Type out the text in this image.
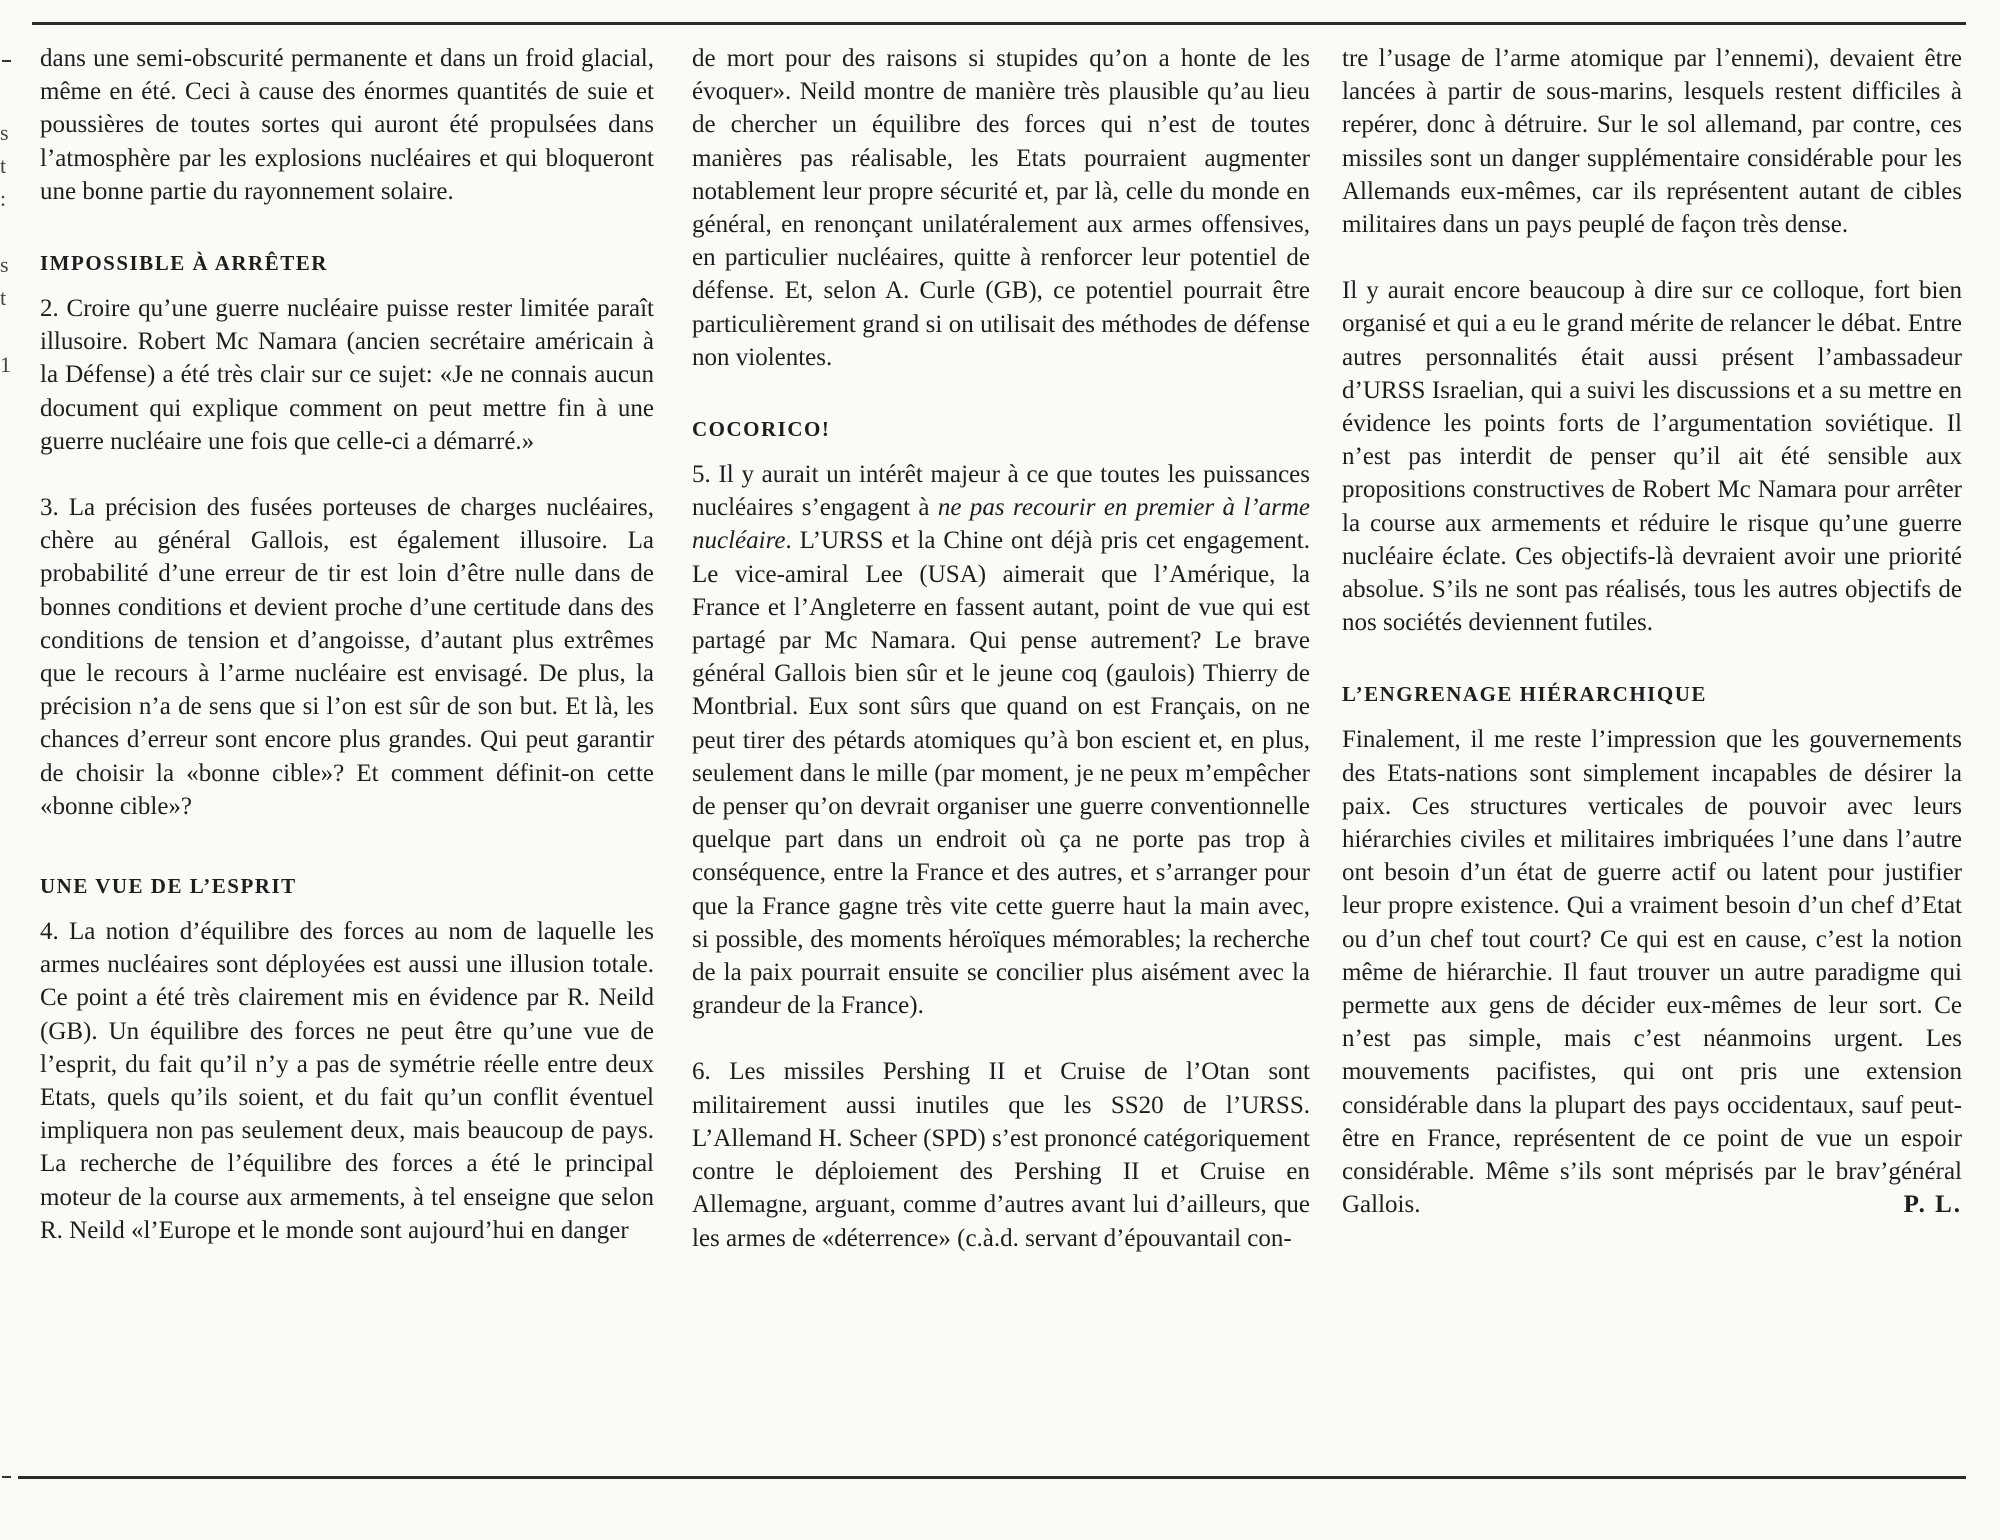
dans une semi-obscurité permanente et dans un froid glacial, même en été. Ceci à cause des énormes quantités de suie et poussières de toutes sortes qui auront été propulsées dans l’atmosphère par les explosions nucléaires et qui bloqueront une bonne partie du rayonnement solaire.

IMPOSSIBLE À ARRÊTER

2. Croire qu’une guerre nucléaire puisse rester limitée paraît illusoire. Robert Mc Namara (ancien secrétaire américain à la Défense) a été très clair sur ce sujet: «Je ne connais aucun document qui explique comment on peut mettre fin à une guerre nucléaire une fois que celle-ci a démarré.»

3. La précision des fusées porteuses de charges nucléaires, chère au général Gallois, est également illusoire. La probabilité d’une erreur de tir est loin d’être nulle dans de bonnes conditions et devient proche d’une certitude dans des conditions de tension et d’angoisse, d’autant plus extrêmes que le recours à l’arme nucléaire est envisagé. De plus, la précision n’a de sens que si l’on est sûr de son but. Et là, les chances d’erreur sont encore plus grandes. Qui peut garantir de choisir la «bonne cible»? Et comment définit-on cette «bonne cible»?

UNE VUE DE L’ESPRIT

4. La notion d’équilibre des forces au nom de laquelle les armes nucléaires sont déployées est aussi une illusion totale. Ce point a été très clairement mis en évidence par R. Neild (GB). Un équilibre des forces ne peut être qu’une vue de l’esprit, du fait qu’il n’y a pas de symétrie réelle entre deux Etats, quels qu’ils soient, et du fait qu’un conflit éventuel impliquera non pas seulement deux, mais beaucoup de pays. La recherche de l’équilibre des forces a été le principal moteur de la course aux armements, à tel enseigne que selon R. Neild «l’Europe et le monde sont aujourd’hui en danger

de mort pour des raisons si stupides qu’on a honte de les évoquer». Neild montre de manière très plausible qu’au lieu de chercher un équilibre des forces qui n’est de toutes manières pas réalisable, les Etats pourraient augmenter notablement leur propre sécurité et, par là, celle du monde en général, en renonçant unilatéralement aux armes offensives, en particulier nucléaires, quitte à renforcer leur potentiel de défense. Et, selon A. Curle (GB), ce potentiel pourrait être particulièrement grand si on utilisait des méthodes de défense non violentes.

COCORICO!

5. Il y aurait un intérêt majeur à ce que toutes les puissances nucléaires s’engagent à ne pas recourir en premier à l’arme nucléaire. L’URSS et la Chine ont déjà pris cet engagement. Le vice-amiral Lee (USA) aimerait que l’Amérique, la France et l’Angleterre en fassent autant, point de vue qui est partagé par Mc Namara. Qui pense autrement? Le brave général Gallois bien sûr et le jeune coq (gaulois) Thierry de Montbrial. Eux sont sûrs que quand on est Français, on ne peut tirer des pétards atomiques qu’à bon escient et, en plus, seulement dans le mille (par moment, je ne peux m’empêcher de penser qu’on devrait organiser une guerre conventionnelle quelque part dans un endroit où ça ne porte pas trop à conséquence, entre la France et des autres, et s’arranger pour que la France gagne très vite cette guerre haut la main avec, si possible, des moments héroïques mémorables; la recherche de la paix pourrait ensuite se concilier plus aisément avec la grandeur de la France).

6. Les missiles Pershing II et Cruise de l’Otan sont militairement aussi inutiles que les SS20 de l’URSS. L’Allemand H. Scheer (SPD) s’est prononcé catégoriquement contre le déploiement des Pershing II et Cruise en Allemagne, arguant, comme d’autres avant lui d’ailleurs, que les armes de «déterrence» (c.à.d. servant d’épouvantail con-

tre l’usage de l’arme atomique par l’ennemi), devaient être lancées à partir de sous-marins, lesquels restent difficiles à repérer, donc à détruire. Sur le sol allemand, par contre, ces missiles sont un danger supplémentaire considérable pour les Allemands eux-mêmes, car ils représentent autant de cibles militaires dans un pays peuplé de façon très dense.

Il y aurait encore beaucoup à dire sur ce colloque, fort bien organisé et qui a eu le grand mérite de relancer le débat. Entre autres personnalités était aussi présent l’ambassadeur d’URSS Israelian, qui a suivi les discussions et a su mettre en évidence les points forts de l’argumentation soviétique. Il n’est pas interdit de penser qu’il ait été sensible aux propositions constructives de Robert Mc Namara pour arrêter la course aux armements et réduire le risque qu’une guerre nucléaire éclate. Ces objectifs-là devraient avoir une priorité absolue. S’ils ne sont pas réalisés, tous les autres objectifs de nos sociétés deviennent futiles.

L’ENGRENAGE HIÉRARCHIQUE

Finalement, il me reste l’impression que les gouvernements des Etats-nations sont simplement incapables de désirer la paix. Ces structures verticales de pouvoir avec leurs hiérarchies civiles et militaires imbriquées l’une dans l’autre ont besoin d’un état de guerre actif ou latent pour justifier leur propre existence. Qui a vraiment besoin d’un chef d’Etat ou d’un chef tout court? Ce qui est en cause, c’est la notion même de hiérarchie. Il faut trouver un autre paradigme qui permette aux gens de décider eux-mêmes de leur sort. Ce n’est pas simple, mais c’est néanmoins urgent. Les mouvements pacifistes, qui ont pris une extension considérable dans la plupart des pays occidentaux, sauf peut-être en France, représentent de ce point de vue un espoir considérable. Même s’ils sont méprisés par le brav’général Gallois.	P. L.

s
t
:
s
t
1
